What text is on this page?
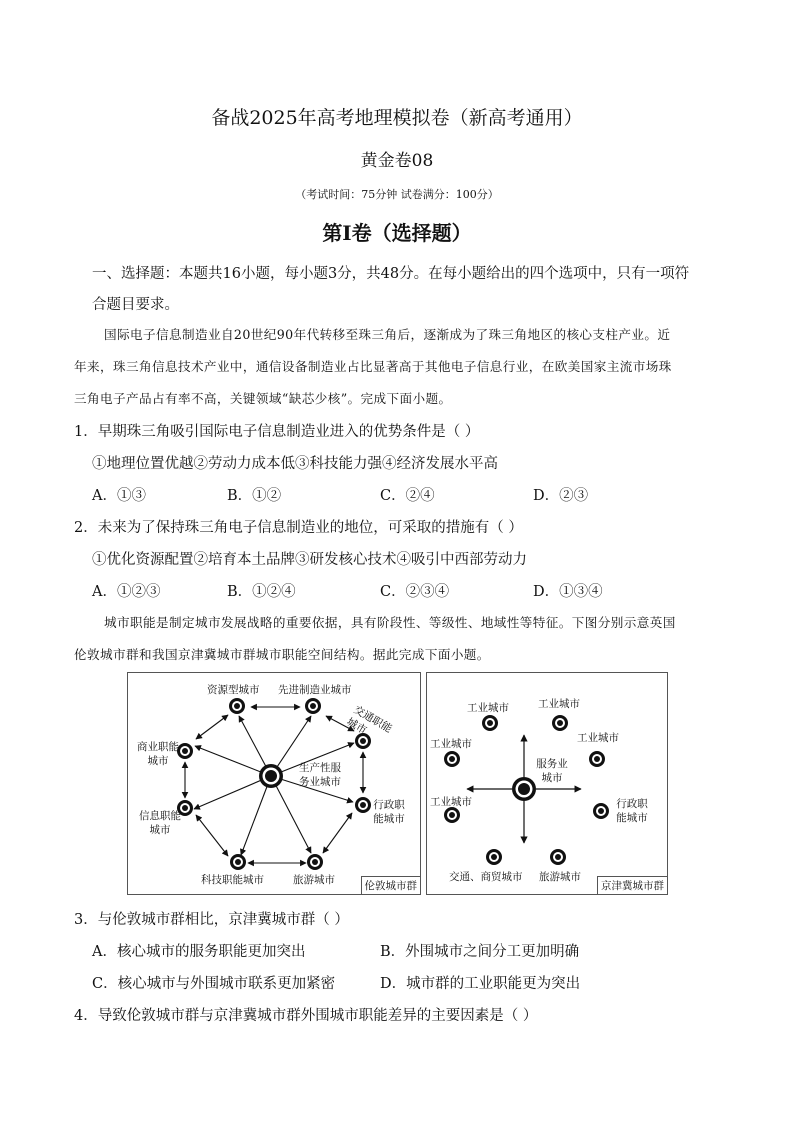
备战2025年高考地理模拟卷（新高考通用）
黄金卷08
（考试时间：75分钟 试卷满分：100分）
第Ⅰ卷（选择题）
一、选择题：本题共16小题，每小题3分，共48分。在每小题给出的四个选项中，只有一项符
合题目要求。
国际电子信息制造业自20世纪90年代转移至珠三角后，逐渐成为了珠三角地区的核心支柱产业。近
年来，珠三角信息技术产业中，通信设备制造业占比显著高于其他电子信息行业，在欧美国家主流市场珠
三角电子产品占有率不高，关键领域“缺芯少核”。完成下面小题。
1．早期珠三角吸引国际电子信息制造业进入的优势条件是（ ）
①地理位置优越②劳动力成本低③科技能力强④经济发展水平高
A．①③	B．①②	C．②④	D．②③
2．未来为了保持珠三角电子信息制造业的地位，可采取的措施有（ ）
①优化资源配置②培育本土品牌③研发核心技术④吸引中西部劳动力
A．①②③	B．①②④	C．②③④	D．①③④
城市职能是制定城市发展战略的重要依据，具有阶段性、等级性、地域性等特征。下图分别示意英国
伦敦城市群和我国京津冀城市群城市职能空间结构。据此完成下面小题。
资源型城市 先进制造业城市
交通职能城市
行政职能城市
旅游城市
科技职能城市
信息职能城市
商业职能城市
生产性服务业城市
伦敦城市群
工业城市	工业城市
工业城市	工业城市
工业城市	行政职能城市
旅游城市
交通、商贸城市
服务业城市
京津冀城市群
3．与伦敦城市群相比，京津冀城市群（ ）
A．核心城市的服务职能更加突出	B．外围城市之间分工更加明确
C．核心城市与外围城市联系更加紧密	D．城市群的工业职能更为突出
4．导致伦敦城市群与京津冀城市群外围城市职能差异的主要因素是（ ）
